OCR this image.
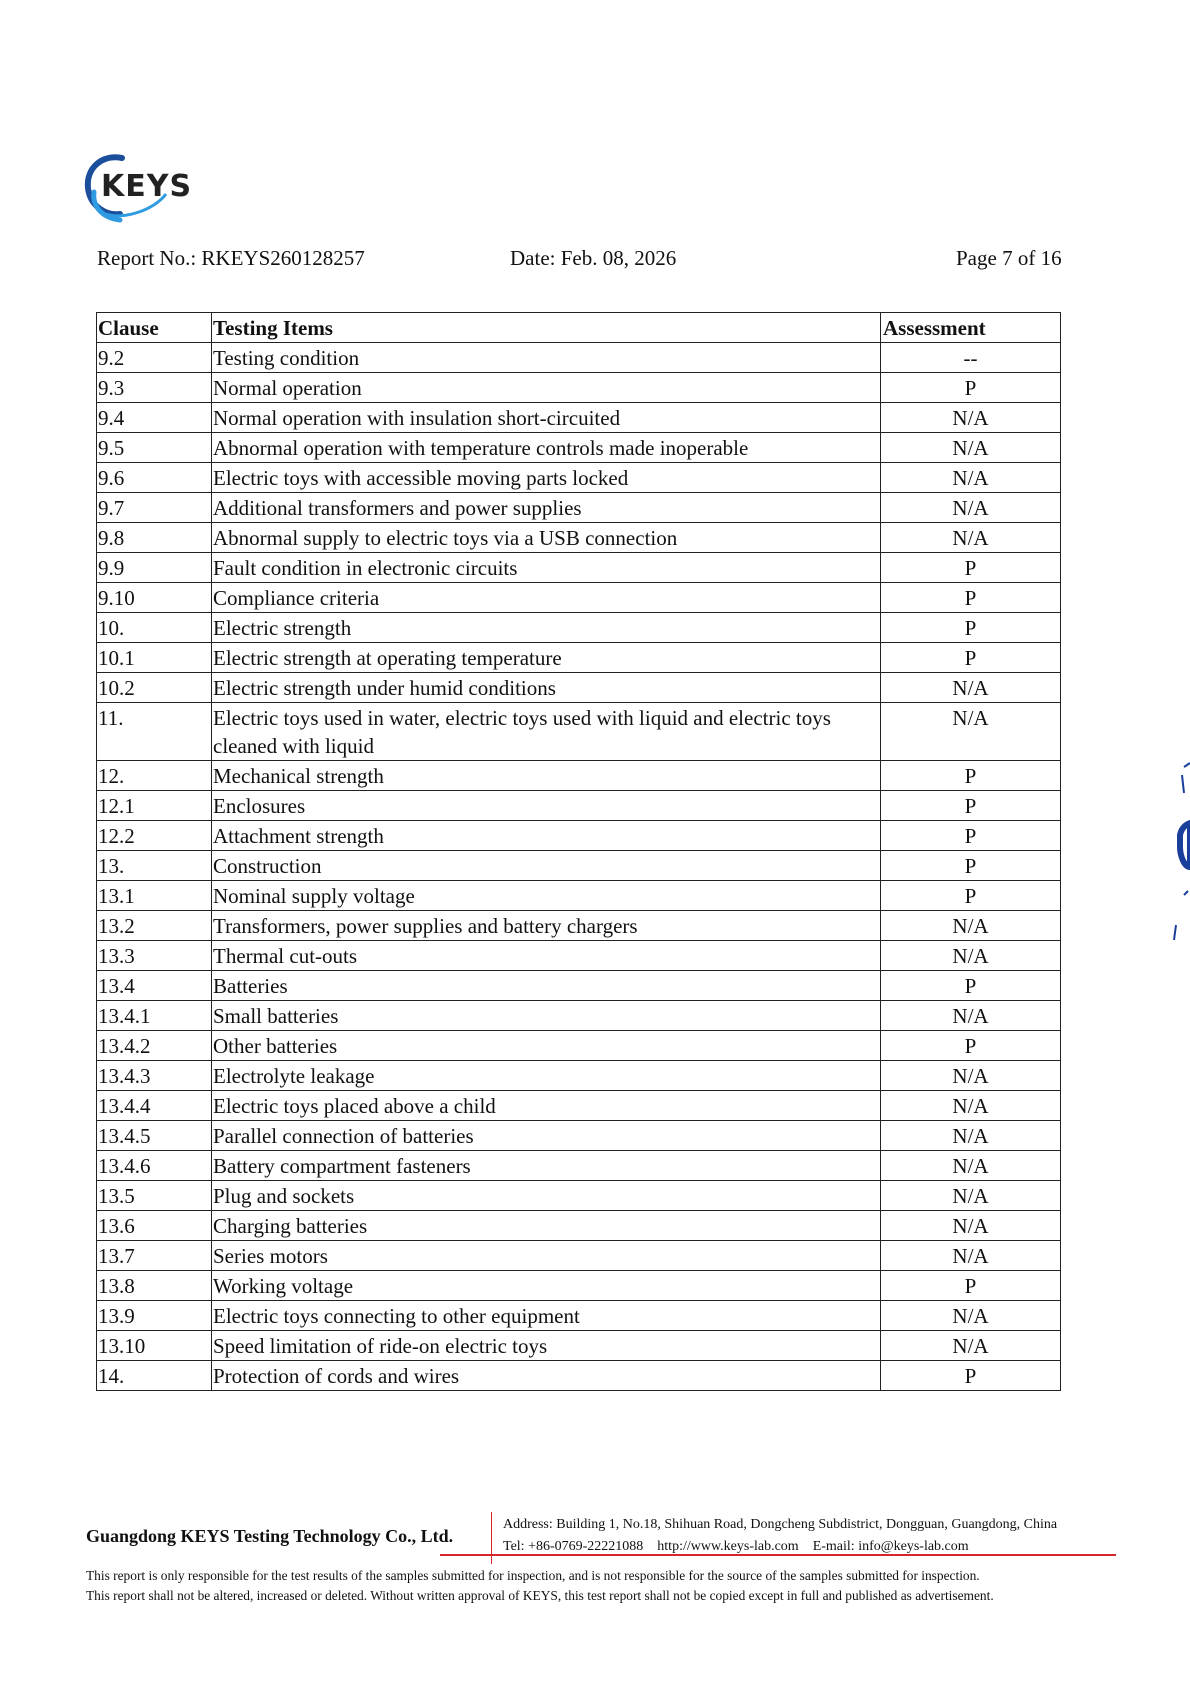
KEYS
Report No.: RKEYS260128257	Date: Feb. 08, 2026	Page 7 of 16
Clause	Testing Items	Assessment
9.2	Testing condition	--
9.3	Normal operation	P
9.4	Normal operation with insulation short-circuited	N/A
9.5	Abnormal operation with temperature controls made inoperable	N/A
9.6	Electric toys with accessible moving parts locked	N/A
9.7	Additional transformers and power supplies	N/A
9.8	Abnormal supply to electric toys via a USB connection	N/A
9.9	Fault condition in electronic circuits	P
9.10	Compliance criteria	P
10.	Electric strength	P
10.1	Electric strength at operating temperature	P
10.2	Electric strength under humid conditions	N/A
11.	Electric toys used in water, electric toys used with liquid and electric toys cleaned with liquid	N/A
12.	Mechanical strength	P
12.1	Enclosures	P
12.2	Attachment strength	P
13.	Construction	P
13.1	Nominal supply voltage	P
13.2	Transformers, power supplies and battery chargers	N/A
13.3	Thermal cut-outs	N/A
13.4	Batteries	P
13.4.1	Small batteries	N/A
13.4.2	Other batteries	P
13.4.3	Electrolyte leakage	N/A
13.4.4	Electric toys placed above a child	N/A
13.4.5	Parallel connection of batteries	N/A
13.4.6	Battery compartment fasteners	N/A
13.5	Plug and sockets	N/A
13.6	Charging batteries	N/A
13.7	Series motors	N/A
13.8	Working voltage	P
13.9	Electric toys connecting to other equipment	N/A
13.10	Speed limitation of ride-on electric toys	N/A
14.	Protection of cords and wires	P
Guangdong KEYS Testing Technology Co., Ltd.
Address: Building 1, No.18, Shihuan Road, Dongcheng Subdistrict, Dongguan, Guangdong, China
Tel: +86-0769-22221088 http://www.keys-lab.com E-mail: info@keys-lab.com
This report is only responsible for the test results of the samples submitted for inspection, and is not responsible for the source of the samples submitted for inspection.
This report shall not be altered, increased or deleted. Without written approval of KEYS, this test report shall not be copied except in full and published as advertisement.
